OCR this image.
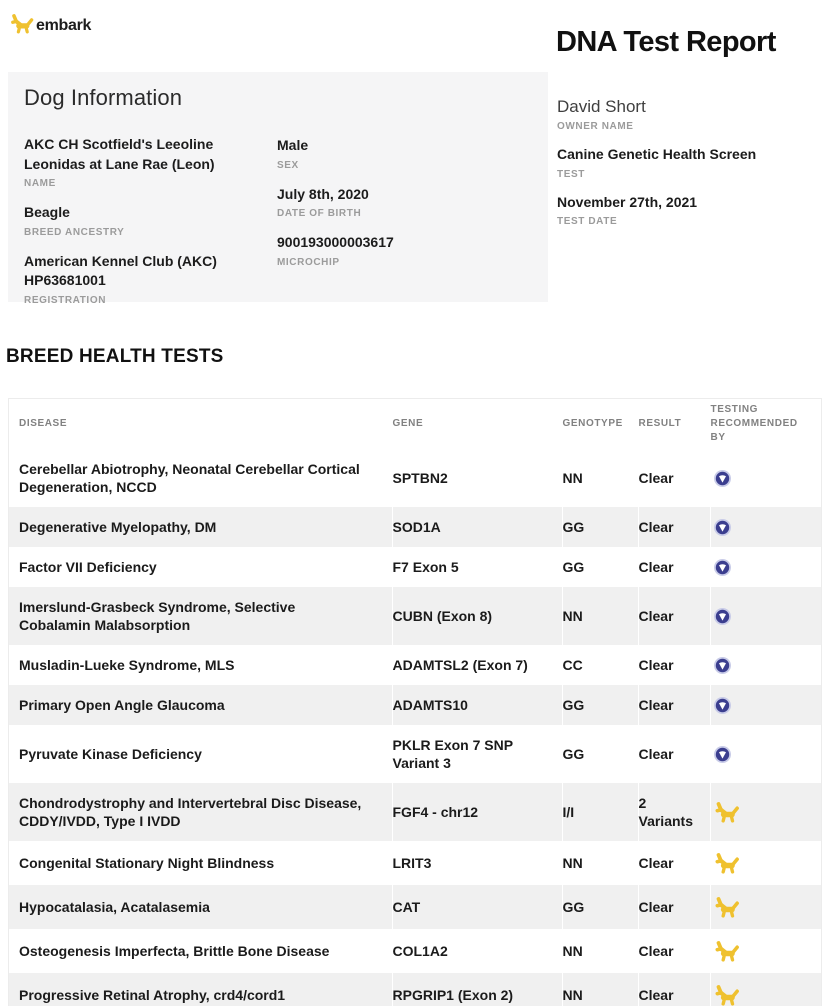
embark
DNA Test Report
Dog Information
AKC CH Scotfield's Leeoline Leonidas at Lane Rae (Leon)
NAME
Beagle
BREED ANCESTRY
American Kennel Club (AKC) HP63681001
REGISTRATION
Male
SEX
July 8th, 2020
DATE OF BIRTH
900193000003617
MICROCHIP
David Short
OWNER NAME
Canine Genetic Health Screen
TEST
November 27th, 2021
TEST DATE
BREED HEALTH TESTS
DISEASE	GENE	GENOTYPE	RESULT	TESTING RECOMMENDED BY
Cerebellar Abiotrophy, Neonatal Cerebellar Cortical Degeneration, NCCD	SPTBN2	NN	Clear	

Degenerative Myelopathy, DM	SOD1A	GG	Clear	

Factor VII Deficiency	F7 Exon 5	GG	Clear	

Imerslund-Grasbeck Syndrome, Selective Cobalamin Malabsorption	CUBN (Exon 8)	NN	Clear	

Musladin-Lueke Syndrome, MLS	ADAMTSL2 (Exon 7)	CC	Clear	

Primary Open Angle Glaucoma	ADAMTS10	GG	Clear	

Pyruvate Kinase Deficiency	PKLR Exon 7 SNP Variant 3	GG	Clear	

Chondrodystrophy and Intervertebral Disc Disease, CDDY/IVDD, Type I IVDD	FGF4 - chr12	I/I	2 Variants	

Congenital Stationary Night Blindness	LRIT3	NN	Clear	

Hypocatalasia, Acatalasemia	CAT	GG	Clear	

Osteogenesis Imperfecta, Brittle Bone Disease	COL1A2	NN	Clear	

Progressive Retinal Atrophy, crd4/cord1	RPGRIP1 (Exon 2)	NN	Clear	
